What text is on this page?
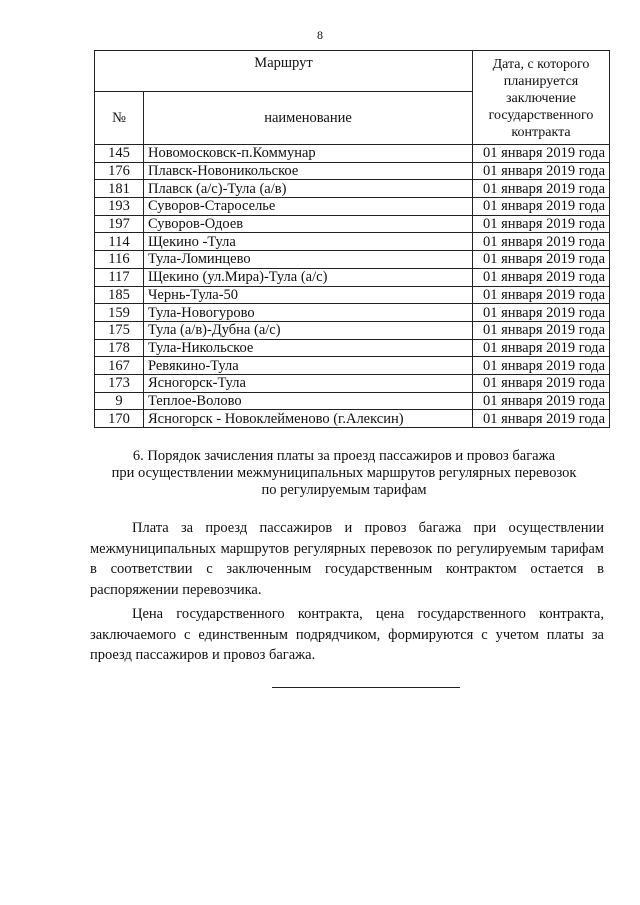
8
Маршрут		Дата, с которого планируется заключение государственного контракта
№	наименование	
145	Новомосковск-п.Коммунар	01 января 2019 года
176	Плавск-Новоникольское	01 января 2019 года
181	Плавск (а/с)-Тула (а/в)	01 января 2019 года
193	Суворов-Староселье	01 января 2019 года
197	Суворов-Одоев	01 января 2019 года
114	Щекино -Тула	01 января 2019 года
116	Тула-Ломинцево	01 января 2019 года
117	Щекино (ул.Мира)-Тула (а/с)	01 января 2019 года
185	Чернь-Тула-50	01 января 2019 года
159	Тула-Новогурово	01 января 2019 года
175	Тула (а/в)-Дубна (а/с)	01 января 2019 года
178	Тула-Никольское	01 января 2019 года
167	Ревякино-Тула	01 января 2019 года
173	Ясногорск-Тула	01 января 2019 года
9	Теплое-Волово	01 января 2019 года
170	Ясногорск - Новоклейменово (г.Алексин)	01 января 2019 года
6. Порядок зачисления платы за проезд пассажиров и провоз багажа
при осуществлении межмуниципальных маршрутов регулярных перевозок
по регулируемым тарифам

Плата за проезд пассажиров и провоз багажа при осуществлении межмуниципальных маршрутов регулярных перевозок по регулируемым тарифам в соответствии с заключенным государственным контрактом остается в распоряжении перевозчика.

Цена государственного контракта, цена государственного контракта, заключаемого с единственным подрядчиком, формируются с учетом платы за проезд пассажиров и провоз багажа.
